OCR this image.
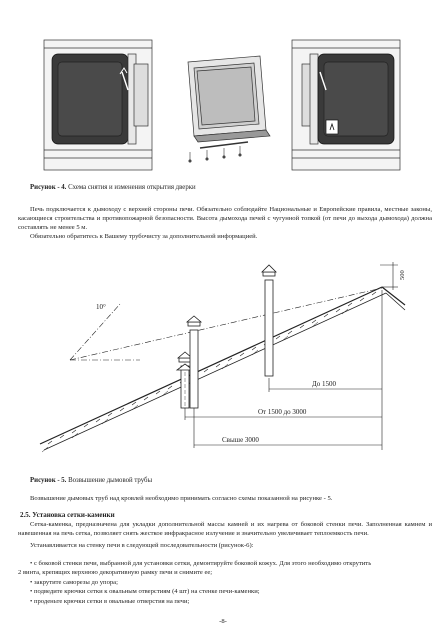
Рисунок - 4. Схема снятия и изменения открытия дверки

Печь подключается к дымоходу с верхней стороны печи. Обязательно соблюдайте Национальные и Европейские правила, местные законы, касающиеся строительства и противопожарной безопасности. Высота дымохода печей с чугунной топкой (от печи до выхода дымохода) должна составлять не менее 5 м.

Обязательно обратитесь к Вашему трубочисту за дополнительной информацией.

10°
500
До 1500
От 1500 до 3000
Свыше 3000
Рисунок - 5. Возвышение дымовой трубы
Возвышение дымовых труб над кровлей необходимо принимать согласно схемы показанной на рисунке - 5.
2.5. Установка сетки-каменки

Сетка-каменка, предназначена для укладки дополнительной массы камней и их нагрева от боковой стенки печи. Заполненная камнем и навешенная на печь сетка, позволяет снять жесткое инфракрасное излучение и значительно увеличивает теплоемкость печи.

Устанавливается на стенку печи в следующей последовательности (рисунок-6):

• с боковой стенки печи, выбранной для установки сетки, демонтируйте боковой кожух. Для этого необходимо открутить
2 винта, крепящих верхнюю декоративную рамку печи и снимите ее;
• закрутите саморезы до упора;
• подведите крючки сетки к овальным отверстиям (4 шт) на стенке печи-каменки;
• проденьте крючки сетки в овальные отверстия на печи;
-8-
